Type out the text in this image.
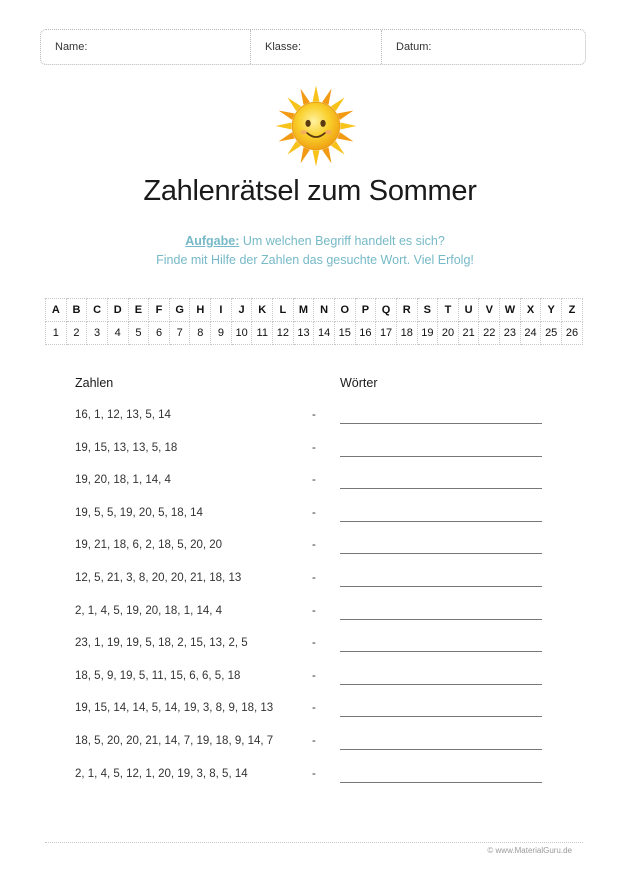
Name:	Klasse:	Datum:
Zahlenrätsel zum Sommer
Aufgabe: Um welchen Begriff handelt es sich?
Finde mit Hilfe der Zahlen das gesuchte Wort. Viel Erfolg!
A	B	C	D	E	F	G	H	I	J	K	L	M	N	O	P	Q	R	S	T	U	V	W	X	Y	Z
1	2	3	4	5	6	7	8	9	10	11	12	13	14	15	16	17	18	19	20	21	22	23	24	25	26
Zahlen	Wörter
16, 1, 12, 13, 5, 14	-
19, 15, 13, 13, 5, 18	-
19, 20, 18, 1, 14, 4	-
19, 5, 5, 19, 20, 5, 18, 14	-
19, 21, 18, 6, 2, 18, 5, 20, 20	-
12, 5, 21, 3, 8, 20, 20, 21, 18, 13	-
2, 1, 4, 5, 19, 20, 18, 1, 14, 4	-
23, 1, 19, 19, 5, 18, 2, 15, 13, 2, 5	-
18, 5, 9, 19, 5, 11, 15, 6, 6, 5, 18	-
19, 15, 14, 14, 5, 14, 19, 3, 8, 9, 18, 13	-
18, 5, 20, 20, 21, 14, 7, 19, 18, 9, 14, 7	-
2, 1, 4, 5, 12, 1, 20, 19, 3, 8, 5, 14	-
© www.MaterialGuru.de
